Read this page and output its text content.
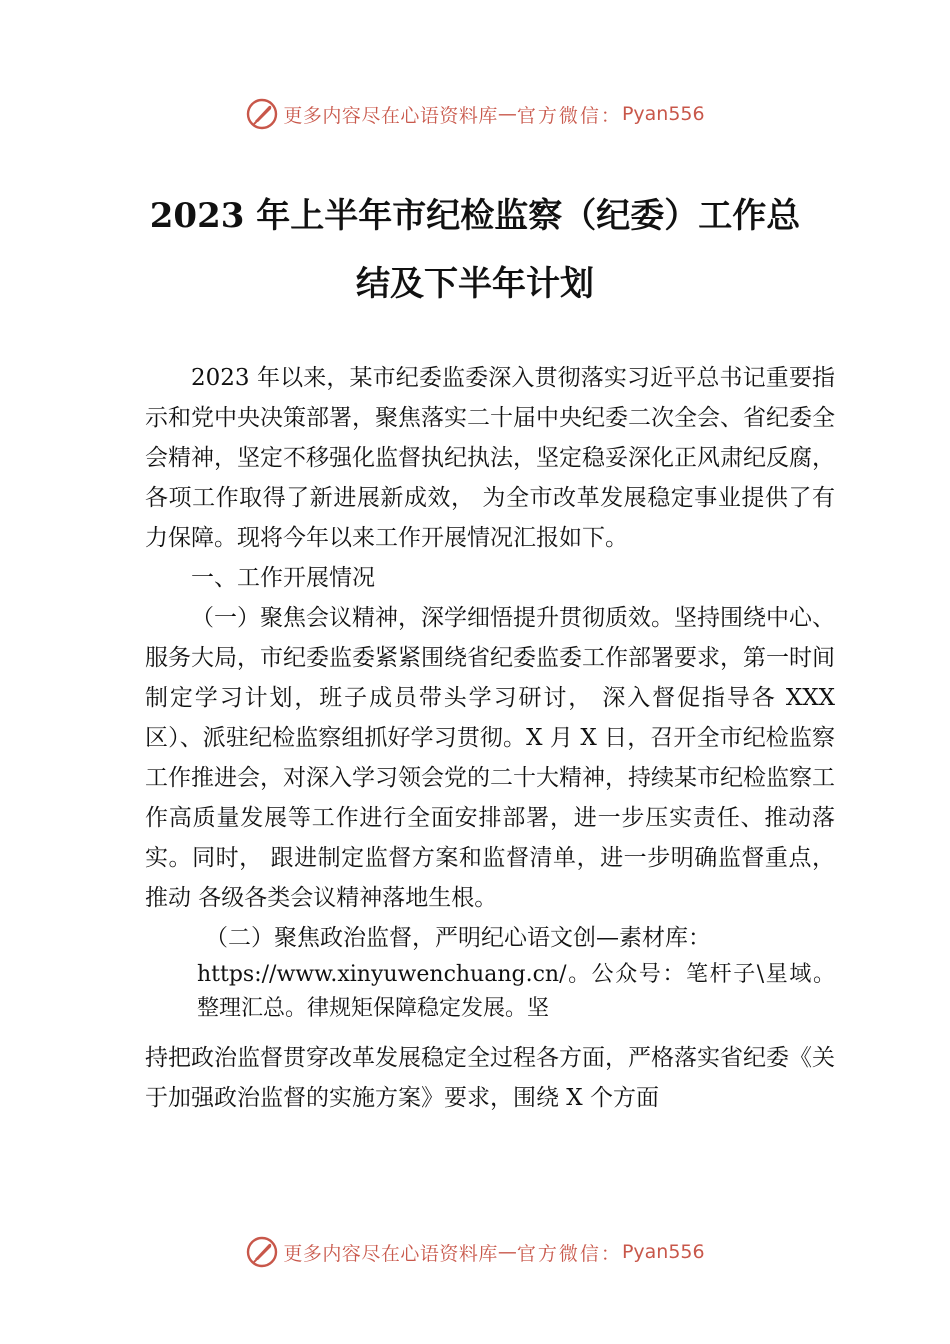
更多内容尽在心语资料库 — 官方微信： Pyan556
2023 年上半年市纪检监察（纪委）工作总
结及下半年计划

2023 年以来，某市纪委监委深入贯彻落实习近平总书记重要指示和党中央决策部署，聚焦落实二十届中央纪委二次全会、省纪委全会精神，坚定不移强化监督执纪执法，坚定稳妥深化正风肃纪反腐，各项工作取得了新进展新成效， 为全市改革发展稳定事业提供了有力保障。现将今年以来工作开展情况汇报如下。

一、工作开展情况

（一）聚焦会议精神，深学细悟提升贯彻质效。坚持围绕中心、服务大局，市纪委监委紧紧围绕省纪委监委工作部署要求，第一时间制定学习计划，班子成员带头学习研讨， 深入督促指导各 XXX 区）、派驻纪检监察组抓好学习贯彻。X 月 X 日，召开全市纪检监察工作推进会，对深入学习领会党的二十大精神，持续某市纪检监察工作高质量发展等工作进行全面安排部署，进一步压实责任、推动落实。同时， 跟进制定监督方案和监督清单，进一步明确监督重点，推动 各级各类会议精神落地生根。

（二）聚焦政治监督，严明纪心语文创—素材库：
https://www.xinyuwenchuang.cn/。公众号：笔杆子\星域。整理汇总。律规矩保障稳定发展。坚

持把政治监督贯穿改革发展稳定全过程各方面，严格落实省纪委《关于加强政治监督的实施方案》要求，围绕 X 个方面

更多内容尽在心语资料库 — 官方微信： Pyan556
